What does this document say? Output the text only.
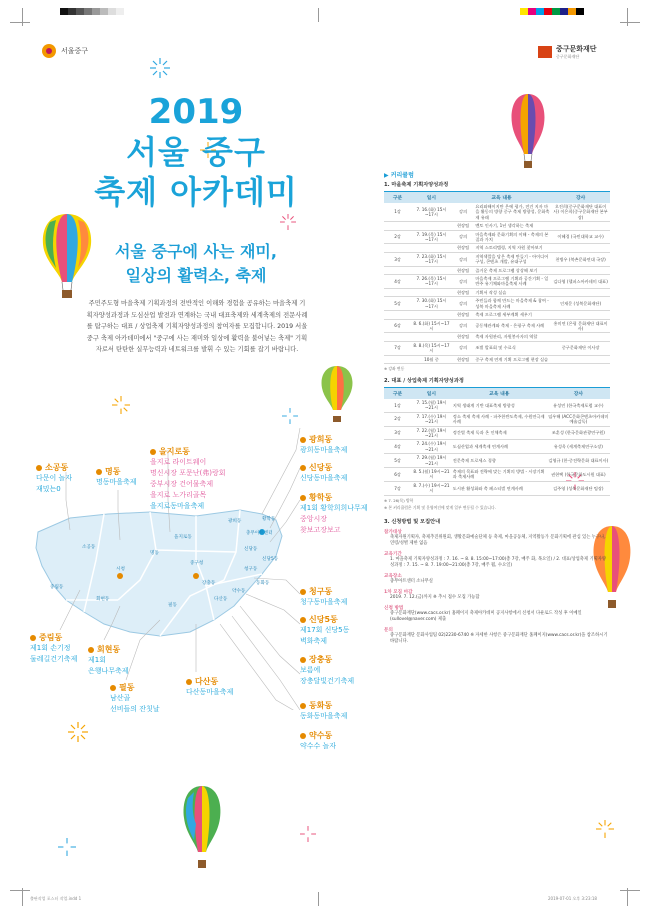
서울중구	중구문화재단
중구문화재단
2019
서울 중구
축제 아카데미
서울 중구에 사는 재미,
일상의 활력소, 축제
주민주도형 마을축제 기획과정의 전반적인 이해와 경험을 공유하는 마을축제 기획자양성과정과 도심산업 발전과 연계하는 국내 대표축제와 세계축제의 전문사례를 탐구하는 대표 / 상업축제 기획자양성과정의 참여자를 모집합니다. 2019 서울 중구 축제 아카데미에서 "중구에 사는 재미와 일상에 활력을 불어넣는 축제" 기획자로서 탄탄한 실무능력과 네트워크를 발휘 수 있는 기회를 잡기 바랍니다.
을지로동
을지로 라이트웨이
명신시장 포문난(弗)랑회
중부시장 건어물축제
을지로 노가리골목
을지로동마을축제
광희동
광희동마을축제
신당동
신당동마을축제
황학동
제1회 황학희희나무제
중앙시장
찾보고장보고
소공동
다문이 놀자
재밌는0
명동
명동마을축제
청구동
청구동마을축제
신당5동
제17회 신당5동
벽화축제
장충동
보름에
장충달빛건기축제
중림동
제1회 손기정
둘레길건기축제
회현동
제1회
은행나무축제
필동
남산골
다산동
다산동마을축제
선비들의 잔칫날	동화동
동화동마을축제
약수동
약수수 놀자
중구청
시청
충무아트센터
소공동
명동
을지로동
광희동
신당동
황학동
중림동
회현동
필동
다산동
청구동
약수동
동화동
장충동
신당5동
▶ 커리큘럼
1. 마을축제 기획자양성과정
구분	일시	교육 내용		강사
1강	7. 16.(화) 15시~17시	강의	요리와해이지만 은에 평가, 전건 지자 마을 활동의 방향 중구 축제 방향성, 문화축제 유래	오진희(중구문화재단 대표이사) 이은희(중구문화재단 본부장)
		현장팀	멘토 인사기, 1년 생각하는 축제	
2강	7. 19.(목) 15시~17시	강의	마을축제와 문화기획의 이해 - 축제의 본질과 가치	이혜경 (국민대학교 교수)
		현장팀	지역 스토리텔링, 지역 자원 찾아보기	
3강	7. 23.(화) 15시~17시	강의	지역색깔을 담은 축제 만들기 - 아이디어 구성, 콘텐츠 개발, 유대구성	천병우 (북촌문화연대 국장)
		현장팀	즐거운 축제 프로그램 상상해 보기	
4강	7. 26.(목) 15시~17시	강의	마을축제 프로그램 기획과 공간기획 - 일반주 유기체와마을축제 사례	김다영 (헬퍼스아카데미 대표)
		현장팀	기획서 작성 실습	
5강	7. 30.(화) 15시~17시	강의	주민들과 함께 만드는 마을축제 & 참여 - 성북 마을축제 사례	인재문 (성북문화재단)
		현장팀	축제 프로그램 세부계획 세우기	
6강	8. 6.(화) 15시~17시	강의	공동체관계와 축제 - 은평구 축제 사례	홍미연 (은평 문화재단 대표이사)
		현장팀	축제 자원관리, 자원봉사자의 역할	
7강	8. 8.(목) 15시~17시	강의	조별 발표회 및 수료식	중구문화재단 이사장
	10월 중	현장팀	중구 축제 연계 기획 프로그램 현장 실습	
※ 강좌 변동
2. 대표 / 상업축제 기획자양성과정
구분	일시	교육 내용	강사
1강	7. 15.(월) 19시~21시	지역 생태계 기반 대표축제 방향성	유성민 (한국축제포럼 교수)
2강	7. 17.(수) 19시~21시	정소 축제 축제 사례 - 파주한반도축제, 수원연극제 사례	임우해 (ACC문화콘텐츠아카데미 예술감독)
3강	7. 22.(월) 19시~21시	정간별 축제 독과 온 인체축제	조훈성 (한국문화관광연구원)
4강	7. 24.(수) 19시~21시	도심산업과 세계축제 연계사례	유성욱 (세계축제연구소장)
5강	7. 29.(월) 19시~21시	전문축제 프로세스 경향	김영규 (한·중전략문화 대표이사)
6강	8. 5.(월) 19시~21시	축제의 목표와 전략에 맞는 기획의 방법 - 시장기획과 축제사례	권현택 (한국문화도시원 대표)
7강	8. 7.(수) 19시~21시	도시관 활성화와 축 페스티벌 연계사례	김주영 (성북문화재단 팀장)
※ 7. 26(목) 방학
※ 본 커리큘럼은 기획 및 운영여건에 맞게 일부 변동될 수 있습니다.
3. 신청방법 및 모집안내
참가대상
축제자원기획자, 축제추진위원회, 생활문화예술단체 등 축제, 마을공동체, 지역활동가 문화기획에 관심 있는 누구나, 연령/성별 제한 없음
교육기간
1. 마을축제 기획자양성과정 : 7. 16. ~ 8. 8. 15:00~17:00(총 7강, 매주 화, 목요일) / 2. 대표/상업축제 기획자양성과정 : 7. 15. ~ 8. 7. 19:00~21:00(총 7강, 매주 월, 수요일)
교육장소
충무아트센터 소나무실
1차 모집 마감
2019. 7. 12.(금)까지 ※ 추시 접수 모집 가능함
신청 방법
중구문화재단(www.cacs.or.kr) 홈페이지 축제아카데미 공지사항에서 신청서 다운로드 작성 후 이메일(sullovel@naver.com) 제출
문의
중구문화재단 문화사업팀 02)2230-6740 ※ 자세한 사항은 중구문화재단 홈페이지(www.cacs.or.kr)을 참조하시기 바랍니다.
출판작업 포스터 작업.indd 1	2019-07-01 오후 3:23:18
